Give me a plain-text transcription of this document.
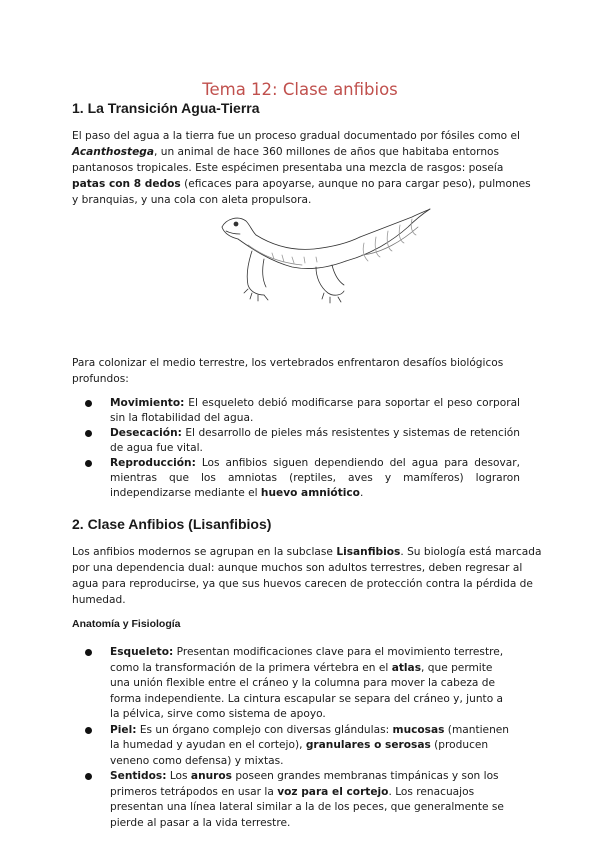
Tema 12: Clase anfibios
1. La Transición Agua-Tierra

El paso del agua a la tierra fue un proceso gradual documentado por fósiles como el Acanthostega, un animal de hace 360 millones de años que habitaba entornos pantanosos tropicales. Este espécimen presentaba una mezcla de rasgos: poseía patas con 8 dedos (eficaces para apoyarse, aunque no para cargar peso), pulmones y branquias, y una cola con aleta propulsora.

Para colonizar el medio terrestre, los vertebrados enfrentaron desafíos biológicos profundos:

Movimiento: El esqueleto debió modificarse para soportar el peso corporal sin la flotabilidad del agua.
Desecación: El desarrollo de pieles más resistentes y sistemas de retención de agua fue vital.
Reproducción: Los anfibios siguen dependiendo del agua para desovar, mientras que los amniotas (reptiles, aves y mamíferos) lograron independizarse mediante el huevo amniótico.
2. Clase Anfibios (Lisanfibios)

Los anfibios modernos se agrupan en la subclase Lisanfibios. Su biología está marcada por una dependencia dual: aunque muchos son adultos terrestres, deben regresar al agua para reproducirse, ya que sus huevos carecen de protección contra la pérdida de humedad.

Anatomía y Fisiología
Esqueleto: Presentan modificaciones clave para el movimiento terrestre, como la transformación de la primera vértebra en el atlas, que permite una unión flexible entre el cráneo y la columna para mover la cabeza de forma independiente. La cintura escapular se separa del cráneo y, junto a la pélvica, sirve como sistema de apoyo.
Piel: Es un órgano complejo con diversas glándulas: mucosas (mantienen la humedad y ayudan en el cortejo), granulares o serosas (producen veneno como defensa) y mixtas.
Sentidos: Los anuros poseen grandes membranas timpánicas y son los primeros tetrápodos en usar la voz para el cortejo. Los renacuajos presentan una línea lateral similar a la de los peces, que generalmente se pierde al pasar a la vida terrestre.
